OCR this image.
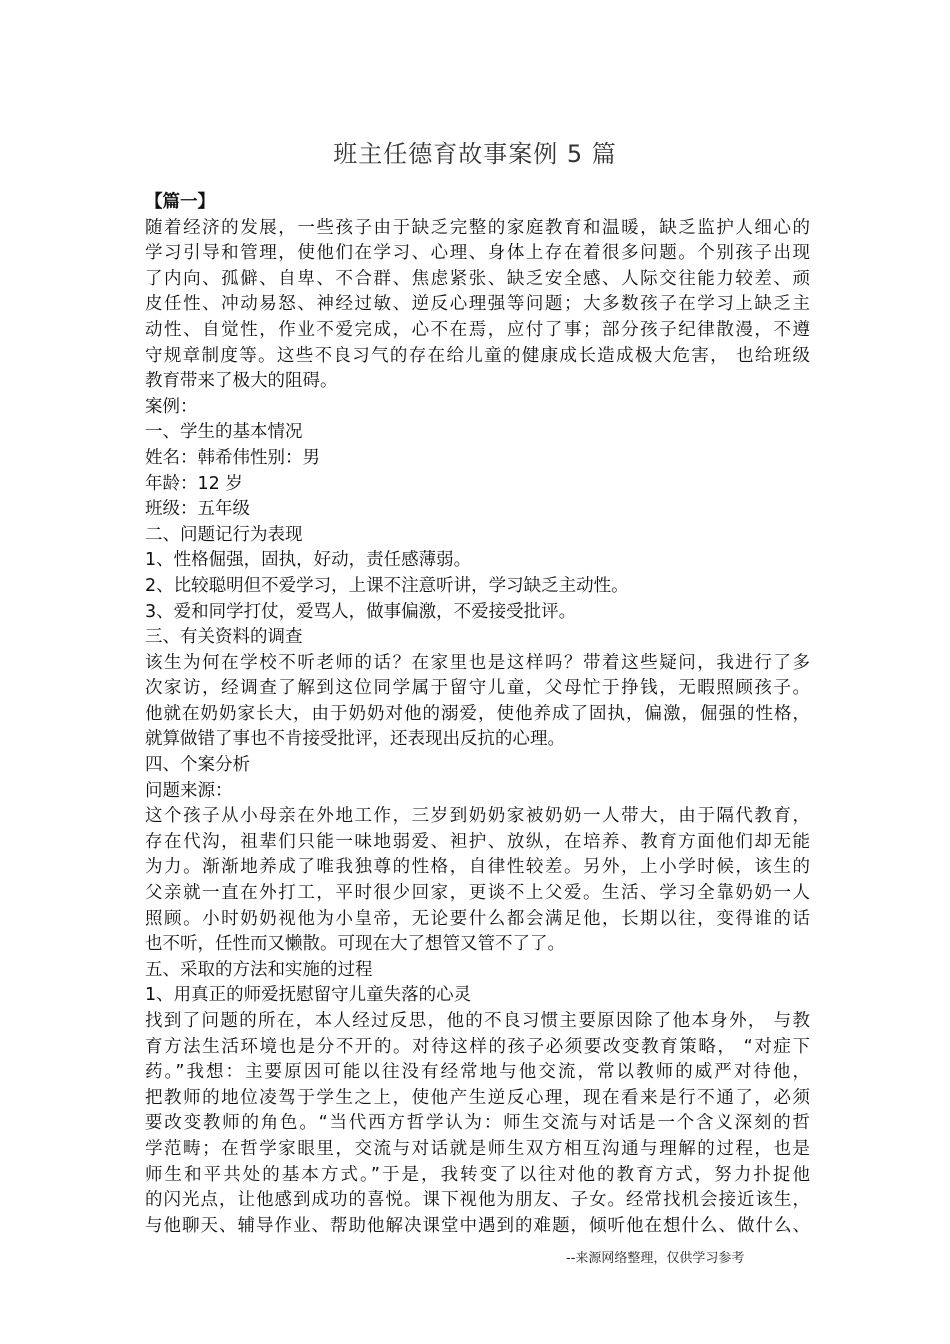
班主任德育故事案例 5 篇
【篇一】
随着经济的发展，一些孩子由于缺乏完整的家庭教育和温暖，缺乏监护人细心的
学习引导和管理，使他们在学习、心理、身体上存在着很多问题。个别孩子出现
了内向、孤僻、自卑、不合群、焦虑紧张、缺乏安全感、人际交往能力较差、顽
皮任性、冲动易怒、神经过敏、逆反心理强等问题；大多数孩子在学习上缺乏主
动性、自觉性，作业不爱完成，心不在焉，应付了事；部分孩子纪律散漫，不遵
守规章制度等。这些不良习气的存在给儿童的健康成长造成极大危害， 也给班级
教育带来了极大的阻碍。
案例：
一、学生的基本情况
姓名：韩希伟性别：男
年龄：12 岁
班级：五年级
二、问题记行为表现
1、性格倔强，固执，好动，责任感薄弱。
2、比较聪明但不爱学习，上课不注意听讲，学习缺乏主动性。
3、爱和同学打仗，爱骂人，做事偏激，不爱接受批评。
三、有关资料的调查
该生为何在学校不听老师的话？在家里也是这样吗？带着这些疑问，我进行了多
次家访，经调查了解到这位同学属于留守儿童，父母忙于挣钱，无暇照顾孩子。
他就在奶奶家长大，由于奶奶对他的溺爱，使他养成了固执，偏激，倔强的性格，
就算做错了事也不肯接受批评，还表现出反抗的心理。
四、个案分析
问题来源：
这个孩子从小母亲在外地工作，三岁到奶奶家被奶奶一人带大，由于隔代教育，
存在代沟，祖辈们只能一味地弱爱、袒护、放纵，在培养、教育方面他们却无能
为力。渐渐地养成了唯我独尊的性格，自律性较差。另外，上小学时候，该生的
父亲就一直在外打工，平时很少回家，更谈不上父爱。生活、学习全靠奶奶一人
照顾。小时奶奶视他为小皇帝，无论要什么都会满足他，长期以往，变得谁的话
也不听，任性而又懒散。可现在大了想管又管不了了。
五、采取的方法和实施的过程
1、用真正的师爱抚慰留守儿童失落的心灵
找到了问题的所在，本人经过反思，他的不良习惯主要原因除了他本身外， 与教
育方法生活环境也是分不开的。对待这样的孩子必须要改变教育策略， “对症下
药。”我想：主要原因可能以往没有经常地与他交流，常以教师的威严对待他，
把教师的地位凌驾于学生之上，使他产生逆反心理，现在看来是行不通了，必须
要改变教师的角色。“当代西方哲学认为：师生交流与对话是一个含义深刻的哲
学范畴；在哲学家眼里，交流与对话就是师生双方相互沟通与理解的过程，也是
师生和平共处的基本方式。”于是，我转变了以往对他的教育方式，努力扑捉他
的闪光点，让他感到成功的喜悦。课下视他为朋友、子女。经常找机会接近该生，
与他聊天、辅导作业、帮助他解决课堂中遇到的难题，倾听他在想什么、做什么、
--来源网络整理，仅供学习参考
